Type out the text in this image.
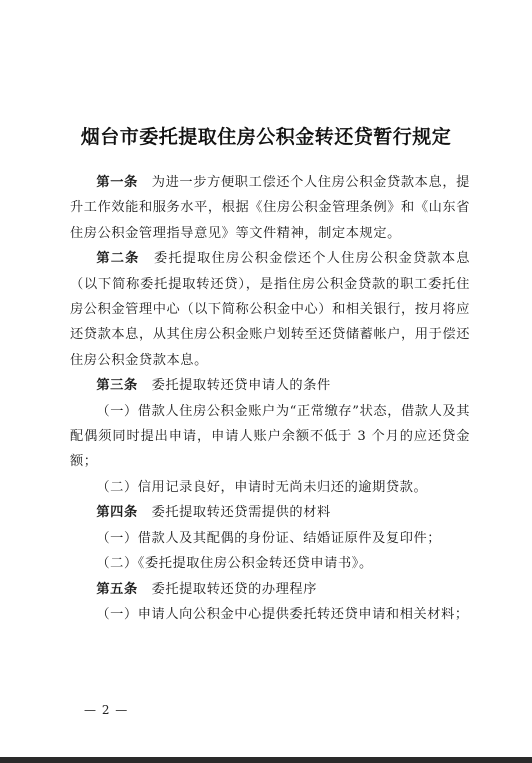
烟台市委托提取住房公积金转还贷暂行规定

第一条  为进一步方便职工偿还个人住房公积金贷款本息，提升工作效能和服务水平，根据《住房公积金管理条例》和《山东省住房公积金管理指导意见》等文件精神，制定本规定。

第二条  委托提取住房公积金偿还个人住房公积金贷款本息（以下简称委托提取转还贷），是指住房公积金贷款的职工委托住房公积金管理中心（以下简称公积金中心）和相关银行，按月将应还贷款本息，从其住房公积金账户划转至还贷储蓄帐户，用于偿还住房公积金贷款本息。

第三条  委托提取转还贷申请人的条件

（一）借款人住房公积金账户为“正常缴存”状态，借款人及其配偶须同时提出申请，申请人账户余额不低于 3 个月的应还贷金额；

（二）信用记录良好，申请时无尚未归还的逾期贷款。

第四条  委托提取转还贷需提供的材料

（一）借款人及其配偶的身份证、结婚证原件及复印件；

（二）《委托提取住房公积金转还贷申请书》。

第五条  委托提取转还贷的办理程序

（一）申请人向公积金中心提供委托转还贷申请和相关材料；

— 2 —
